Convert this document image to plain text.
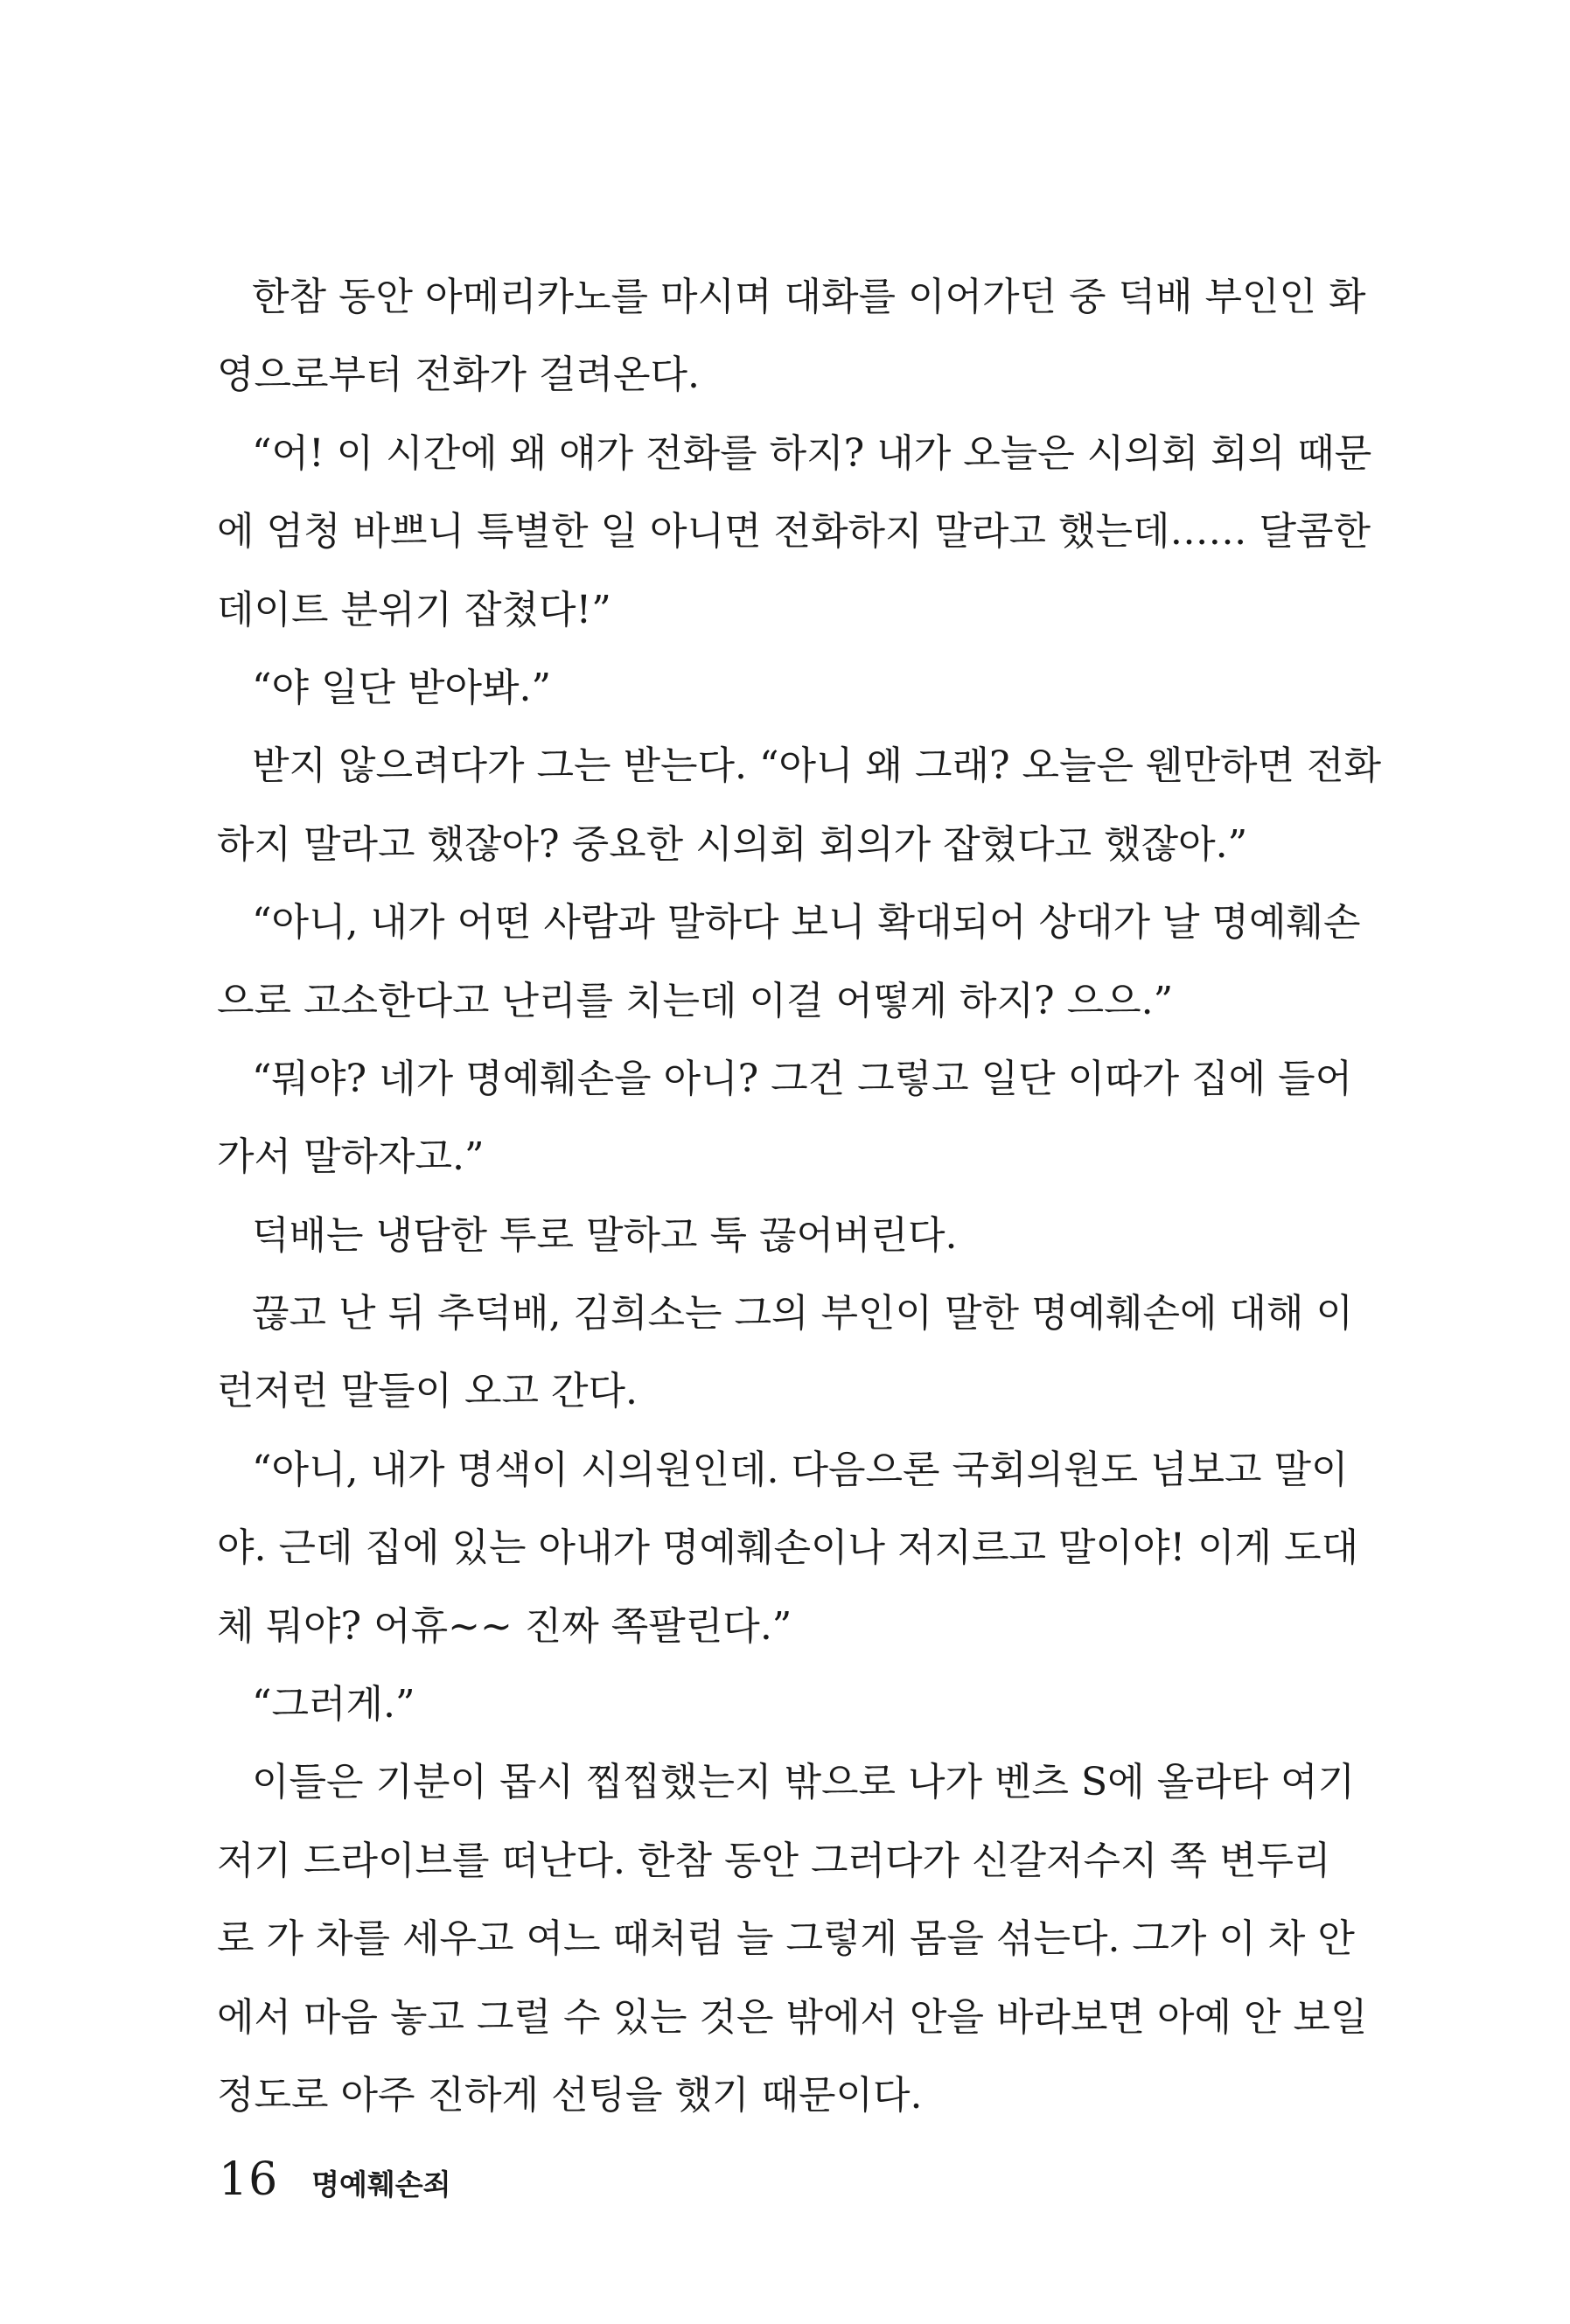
한참 동안 아메리카노를 마시며 대화를 이어가던 중 덕배 부인인 화
영으로부터 전화가 걸려온다.
“어! 이 시간에 왜 얘가 전화를 하지? 내가 오늘은 시의회 회의 때문
에 엄청 바쁘니 특별한 일 아니면 전화하지 말라고 했는데…… 달콤한
데이트 분위기 잡쳤다!”
“야 일단 받아봐.”
받지 않으려다가 그는 받는다. “아니 왜 그래? 오늘은 웬만하면 전화
하지 말라고 했잖아? 중요한 시의회 회의가 잡혔다고 했잖아.”
“아니, 내가 어떤 사람과 말하다 보니 확대되어 상대가 날 명예훼손
으로 고소한다고 난리를 치는데 이걸 어떻게 하지? 으으.”
“뭐야? 네가 명예훼손을 아니? 그건 그렇고 일단 이따가 집에 들어
가서 말하자고.”
덕배는 냉담한 투로 말하고 툭 끊어버린다.
끊고 난 뒤 추덕배, 김희소는 그의 부인이 말한 명예훼손에 대해 이
런저런 말들이 오고 간다.
“아니, 내가 명색이 시의원인데. 다음으론 국회의원도 넘보고 말이
야. 근데 집에 있는 아내가 명예훼손이나 저지르고 말이야! 이게 도대
체 뭐야? 어휴~~ 진짜 쪽팔린다.”
“그러게.”
이들은 기분이 몹시 찝찝했는지 밖으로 나가 벤츠 S에 올라타 여기
저기 드라이브를 떠난다. 한참 동안 그러다가 신갈저수지 쪽 변두리
로 가 차를 세우고 여느 때처럼 늘 그렇게 몸을 섞는다. 그가 이 차 안
에서 마음 놓고 그럴 수 있는 것은 밖에서 안을 바라보면 아예 안 보일
정도로 아주 진하게 선팅을 했기 때문이다.
16 명예훼손죄
